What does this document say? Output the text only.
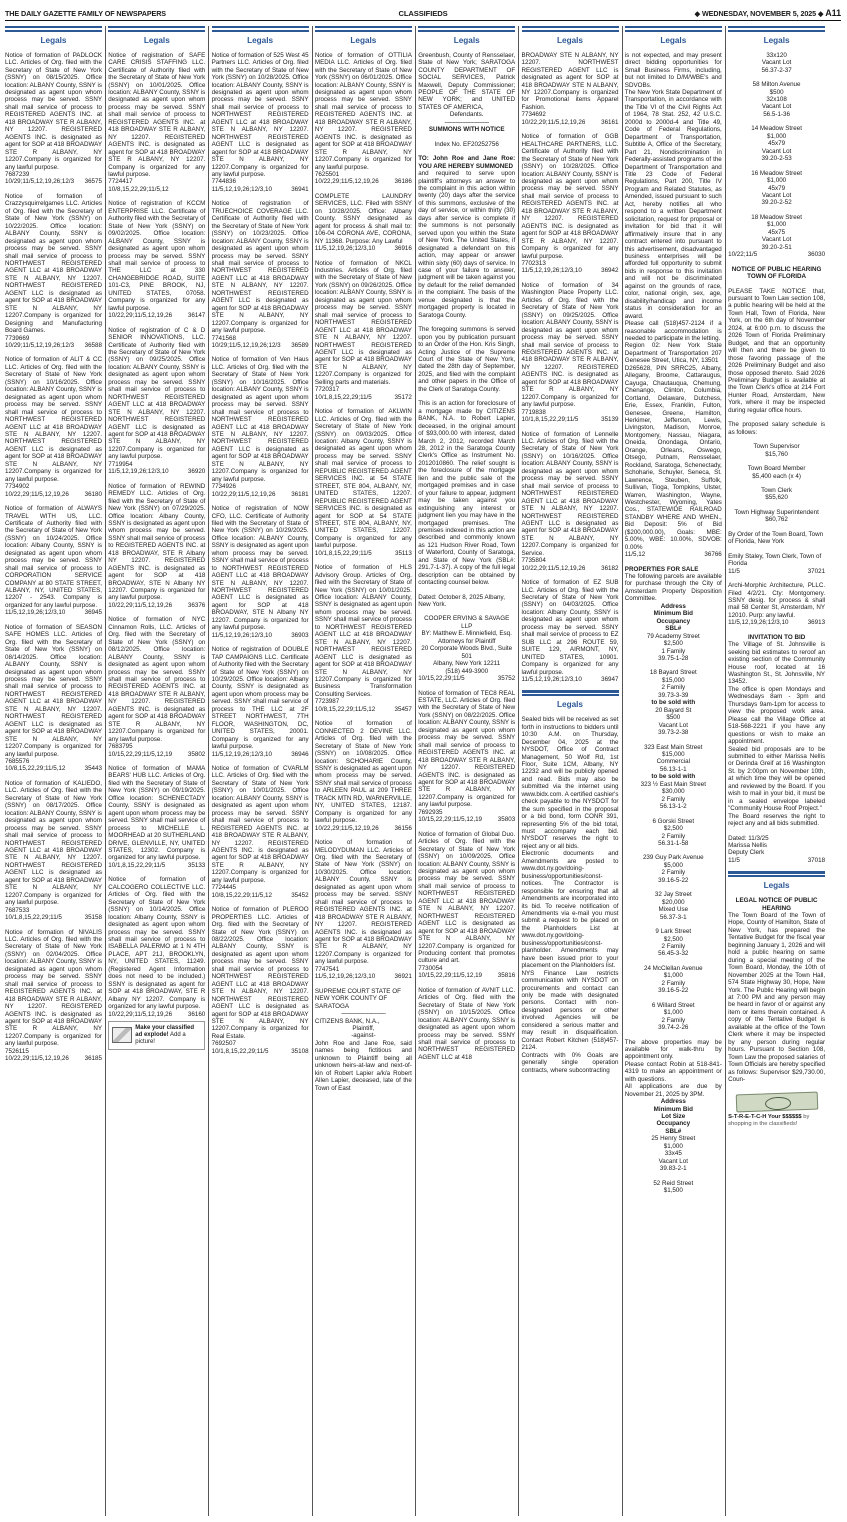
THE DAILY GAZETTE FAMILY OF NEWSPAPERS	CLASSIFIEDS	◆ WEDNESDAY, NOVEMBER 5, 2025 ◆ A11
Legals
Notice of formation of PADLOCK LLC. Articles of Org. filed with the Secretary of State of New York (SSNY) on 08/15/2025. Office location: ALBANY County, SSNY is designated as agent upon whom process may be served. SSNY shall mail service of process to REGISTERED AGENTS INC. at 418 BROADWAY STE R ALBANY, NY 12207. REGISTERED AGENTS INC. is designated as agent for SOP at 418 BROADWAY STE R ALBANY, NY 12207.Company is organized for any lawful purpose.
7687239
10/29;11/5,12,19,26;12/3 36575
Notice of formation of Crazzysquirrelgames LLC. Articles of Org. filed with the Secretary of State of New York (SSNY) on 10/22/2025. Office location: ALBANY County, SSNY is designated as agent upon whom process may be served. SSNY shall mail service of process to NORTHWEST REGISTERED AGENT LLC at 418 BROADWAY STE N ALBANY, NY 12207. NORTHWEST REGISTERED AGENT LLC is designated as agent for SOP at 418 BROADWAY STE N ALBANY, NY 12207.Company is organized for Designing and Manufacturing Board Games.
7739669
10/29;11/5,12,19,26;12/3 36588
Notice of formation of ALIT & CC LLC. Articles of Org. filed with the Secretary of State of New York (SSNY) on 10/16/2025. Office location: ALBANY County, SSNY is designated as agent upon whom process may be served. SSNY shall mail service of process to NORTHWEST REGISTERED AGENT LLC at 418 BROADWAY STE N ALBANY, NY 12207. NORTHWEST REGISTERED AGENT LLC is designated as agent for SOP at 418 BROADWAY STE N ALBANY, NY 12207.Company is organized for any lawful purpose.
7734902
10/22,29;11/5,12,19,26	36180
Notice of formation of ALWAYS TRAVEL WITH US, LLC. Certificate of Authority filed with the Secretary of State of New York (SSNY) on 10/24/2025. Office location: Albany County, SSNY is designated as agent upon whom process may be served. SSNY shall mail service of process to CORPORATION SERVICE COMPANY at 80 STATE STREET, ALBANY, NY, UNITED STATES, 12207 - 2543. Company is organized for any lawful purpose.
11/5,12,19,26;12/3,10	36945
Notice of formation of SEASON SAFE HOMES LLC. Articles of Org. filed with the Secretary of State of New York (SSNY) on 08/14/2025. Office location: ALBANY County, SSNY is designated as agent upon whom process may be served. SSNY shall mail service of process to NORTHWEST REGISTERED AGENT LLC at 418 BROADWAY STE N ALBANY, NY 12207. NORTHWEST REGISTERED AGENT LLC is designated as agent for SOP at 418 BROADWAY STE N ALBANY, NY 12207.Company is organized for any lawful purpose.
7685576
10/8,15,22,29;11/5,12	35443
Notice of formation of KALIEDO, LLC. Articles of Org. filed with the Secretary of State of New York (SSNY) on 08/17/2025. Office location: ALBANY County, SSNY is designated as agent upon whom process may be served. SSNY shall mail service of process to NORTHWEST REGISTERED AGENT LLC at 418 BROADWAY STE N ALBANY, NY 12207. NORTHWEST REGISTERED AGENT LLC is designated as agent for SOP at 418 BROADWAY STE N ALBANY, NY 12207.Company is organized for any lawful purpose.
7687533
10/1,8,15,22,29;11/5	35158
Notice of formation of NIVALIS LLC. Articles of Org. filed with the Secretary of State of New York (SSNY) on 02/04/2025. Office location: ALBANY County, SSNY is designated as agent upon whom process may be served. SSNY shall mail service of process to REGISTERED AGENTS INC. at 418 BROADWAY STE R ALBANY, NY 12207. REGISTERED AGENTS INC. is designated as agent for SOP at 418 BROADWAY STE R ALBANY, NY 12207.Company is organized for any lawful purpose.
7526115
10/22,29;11/5,12,19,26	36185
Legals
Notice of registration of SAFE CARE CRISIS STAFFING LLC. Certificate of Authority filed with the Secretary of State of New York (SSNY) on 10/01/2025. Office location: ALBANY County, SSNY is designated as agent upon whom process may be served. SSNY shall mail service of process to REGISTERED AGENTS INC. at 418 BROADWAY STE R ALBANY, NY 12207. REGISTERED AGENTS INC. is designated as agent for SOP at 418 BROADWAY STE R ALBANY, NY 12207. Company is organized for any lawful purpose.
7724417
10/8,15,22,29;11/5,12
Notice of registration of KCCM ENTERPRISE LLC. Certificate of Authority filed with the Secretary of State of New York (SSNY) on 09/02/2025. Office location: ALBANY County, SSNY is designated as agent upon whom process may be served. SSNY shall mail service of process to THE LLC at 330 CHANGEBRIDGE ROAD, SUITE 101-C3, PINE BROOK, NJ, UNITED STATES, 07058. Company is organized for any lawful purpose.
10/22,29;11/5,12,19,26	36147
Notice of registration of C & D SENIOR INNOVATIONS, LLC. Certificate of Authority filed with the Secretary of State of New York (SSNY) on 09/25/2025. Office location: ALBANY County, SSNY is designated as agent upon whom process may be served. SSNY shall mail service of process to NORTHWEST REGISTERED AGENT LLC at 418 BROADWAY STE N ALBANY, NY 12207. NORTHWEST REGISTERED AGENT LLC is designated as agent for SOP at 418 BROADWAY STE N ALBANY, NY 12207.Company is organized for any lawful purpose.
7719954
11/5,12,19,26;12/3,10	36920
Notice of formation of REWIND REMEDY LLC. Articles of Org. filed with the Secretary of State of New York (SSNY) on 07/29/2025. Office location: Albany County, SSNY is designated as agent upon whom process may be served. SSNY shall mail service of process to REGISTERED AGENTS INC. at 418 BROADWAY, STE R Albany NY 12207. REGISTERED AGENTS INC. is designated as agent for SOP at 418 BROADWAY, STE N Albany NY 12207. Company is organized for any lawful purpose.
10/22,29;11/5,12,19,26	36376
Notice of formation of NYC Cinnamon Rolls, LLC. Articles of Org. filed with the Secretary of State of New York (SSNY) on 08/12/2025. Office location: ALBANY County, SSNY is designated as agent upon whom process may be served. SSNY shall mail service of process to REGISTERED AGENTS INC. at 418 BROADWAY STE R ALBANY, NY 12207. REGISTERED AGENTS INC. is designated as agent for SOP at 418 BROADWAY STE R ALBANY, NY 12207.Company is organized for any lawful purpose.
7683795
10/15,22,29;11/5,12,19	35802
Notice of formation of MAMA BEARS' HUB LLC. Articles of Org. filed with the Secretary of State of New York (SSNY) on 09/19/2025. Office location: SCHENECTADY County, SSNY is designated as agent upon whom process may be served. SSNY shall mail service of process to MICHELLE L. MOORHEAD at 20 SUTHERLAND DRIVE, GLENVILLE, NY, UNITED STATES, 12302. Company is organized for any lawful purpose.
10/1,8,15,22,29;11/5	35133
Notice of formation of CALCOGERO COLLECTIVE LLC. Articles of Org. filed with the Secretary of State of New York (SSNY) on 10/14/2025. Office location: Albany County, SSNY is designated as agent upon whom process may be served. SSNY shall mail service of process to ISABELLA PALERMO at 1 N 4TH PLACE, APT 21J, BROOKLYN, NY, UNITED STATES, 11249. (Registered Agent Information does not need to be included.) SSNY is designated as agent for SOP at 418 BROADWAY, STE R Albany NY 12207. Company is organized for any lawful purpose.
10/22,29;11/5,12,19,26	36160
Make your classified ad explode! Add a picture!
Legals
Notice of formation of 525 West 45 Partners LLC. Articles of Org. filed with the Secretary of State of New York (SSNY) on 10/28/2025. Office location: ALBANY County, SSNY is designated as agent upon whom process may be served. SSNY shall mail service of process to NORTHWEST REGISTERED AGENT LLC at 418 BROADWAY STE N ALBANY, NY 12207. NORTHWEST REGISTERED AGENT LLC is designated as agent for SOP at 418 BROADWAY STE N ALBANY, NY 12207.Company is organized for any lawful purpose.
7744836
11/5,12,19,26;12/3,10	36941
Notice of registration of TRUECHOICE COVERAGE LLC. Certificate of Authority filed with the Secretary of State of New York (SSNY) on 10/23/2025. Office location: ALBANY County, SSNY is designated as agent upon whom process may be served. SSNY shall mail service of process to NORTHWEST REGISTERED AGENT LLC at 418 BROADWAY STE N ALBANY, NY 12207. NORTHWEST REGISTERED AGENT LLC is designated as agent for SOP at 418 BROADWAY STE N ALBANY, NY 12207.Company is organized for any lawful purpose.
7741568
10/29;11/5,12,19,26;12/3 36589
Notice of formation of Ven Haus LLC. Articles of Org. filed with the Secretary of State of New York (SSNY) on 10/16/2025. Office location: ALBANY County, SSNY is designated as agent upon whom process may be served. SSNY shall mail service of process to NORTHWEST REGISTERED AGENT LLC at 418 BROADWAY STE N ALBANY, NY 12207. NORTHWEST REGISTERED AGENT LLC is designated as agent for SOP at 418 BROADWAY STE N ALBANY, NY 12207.Company is organized for any lawful purpose.
7734926
10/22,29;11/5,12,19,26	36181
Notice of registration of NOW CFO, LLC. Certificate of Authority filed with the Secretary of State of New York (SSNY) on 10/29/2025. Office location: ALBANY County, SSNY is designated as agent upon whom process may be served. SSNY shall mail service of process to NORTHWEST REGISTERED AGENT LLC at 418 BROADWAY STE N ALBANY, NY 12207. NORTHWEST REGISTERED AGENT LLC is designated as agent for SOP at 418 BROADWAY, STE N Albany NY 12207. Company is organized for any lawful purpose.
11/5,12,19,26;12/3,10	36903
Notice of registration of DOUBLE TAP CAMPAIGNS LLC. Certificate of Authority filed with the Secretary of State of New York (SSNY) on 10/29/2025. Office location: Albany County, SSNY is designated as agent upon whom process may be served. SSNY shall mail service of process to THE LLC at 2F STREET NORTHWEST, 7TH FLOOR, WASHINGTON, DC, UNITED STATES, 20001. Company is organized for any lawful purpose.
11/5,12,19,26;12/3,10	36946
Notice of formation of CVARLM LLC. Articles of Org. filed with the Secretary of State of New York (SSNY) on 10/01/2025. Office location: ALBANY County, SSNY is designated as agent upon whom process may be served. SSNY shall mail service of process to REGISTERED AGENTS INC. at 418 BROADWAY STE R ALBANY, NY 12207. REGISTERED AGENTS INC. is designated as agent for SOP at 418 BROADWAY STE R ALBANY, NY 12207.Company is organized for any lawful purpose.
7724445
10/8,15,22,29;11/5,12	35452
Notice of formation of PLEROO PROPERTIES LLC. Articles of Org. filed with the Secretary of State of New York (SSNY) on 08/22/2025. Office location: ALBANY County, SSNY is designated as agent upon whom process may be served. SSNY shall mail service of process to NORTHWEST REGISTERED AGENT LLC at 418 BROADWAY STE N ALBANY, NY 12207. NORTHWEST REGISTERED AGENT LLC is designated as agent for SOP at 418 BROADWAY STE N ALBANY, NY 12207.Company is organized for Real Estate.
7692507
10/1,8,15,22,29;11/5	35108
Legals
Notice of formation of OTTILIA MEDIA LLC. Articles of Org. filed with the Secretary of State of New York (SSNY) on 06/01/2025. Office location: ALBANY County, SSNY is designated as agent upon whom process may be served. SSNY shall mail service of process to REGISTERED AGENTS INC. at 418 BROADWAY STE R ALBANY, NY 12207. REGISTERED AGENTS INC. is designated as agent for SOP at 418 BROADWAY STE R ALBANY, NY 12207.Company is organized for any lawful purpose.
7625501
10/22,29;11/5,12,19,26	36186
COMPLETE LAUNDRY SERVICES, LLC. Filed with SSNY on 10/28/2025. Office: Albany County. SSNY designated as agent for process & shall mail to: 106-04 CORONA AVE, CORONA, NY 11368. Purpose: Any Lawful
11/5,12,19,26;12/3,10	36916
Notice of formation of NKCL Industries. Articles of Org. filed with the Secretary of State of New York (SSNY) on 09/26/2025. Office location: ALBANY County, SSNY is designated as agent upon whom process may be served. SSNY shall mail service of process to NORTHWEST REGISTERED AGENT LLC at 418 BROADWAY STE N ALBANY, NY 12207. NORTHWEST REGISTERED AGENT LLC is designated as agent for SOP at 418 BROADWAY STE N ALBANY, NY 12207.Company is organized for Selling parts and materials.
7720317
10/1,8,15,22,29;11/5	35172
Notice of formation of AKLWIN LLC. Articles of Org. filed with the Secretary of State of New York (SSNY) on 09/03/2025. Office location: Albany County, SSNY is designated as agent upon whom process may be served. SSNY shall mail service of process to REPUBLIC REGISTERED AGENT SERVICES INC. at 54 STATE STREET, STE 804, ALBANY, NY, UNITED STATES, 12207. REPUBLIC REGISTERED AGENT SERVICES INC. is designated as agent for SOP at 54 STATE STREET, STE 804, ALBANY, NY, UNITED STATES, 12207. Company is organized for any lawful purpose.
10/1,8,15,22,29;11/5	35113
Notice of formation of HLS Advisory Group. Articles of Org. filed with the Secretary of State of New York (SSNY) on 10/01/2025. Office location: ALBANY County, SSNY is designated as agent upon whom process may be served. SSNY shall mail service of process to NORTHWEST REGISTERED AGENT LLC at 418 BROADWAY STE N ALBANY, NY 12207. NORTHWEST REGISTERED AGENT LLC is designated as agent for SOP at 418 BROADWAY STE N ALBANY, NY 12207.Company is organized for Business Transformation Consulting Services.
7723987
10/8,15,22,29;11/5,12	35457
Notice of formation of CONNECTED 2 DEVINE LLC. Articles of Org. filed with the Secretary of State of New York (SSNY) on 10/08/2025. Office location: SCHOHARIE County, SSNY is designated as agent upon whom process may be served. SSNY shall mail service of process to ARLEEN PAUL at 209 THREE TRACK MTN RD, WARNERVILLE, NY, UNITED STATES, 12187. Company is organized for any lawful purpose.
10/22,29;11/5,12,19,26	36156
Notice of formation of MELODYDUMAN LLC. Articles of Org. filed with the Secretary of State of New York (SSNY) on 10/30/2025. Office location: ALBANY County, SSNY is designated as agent upon whom process may be served. SSNY shall mail service of process to REGISTERED AGENTS INC. at 418 BROADWAY STE R ALBANY, NY 12207. REGISTERED AGENTS INC. is designated as agent for SOP at 418 BROADWAY STE R ALBANY, NY 12207.Company is organized for any lawful purpose.
7747541
11/5,12,19,26;12/3,10	36921
SUPREME COURT STATE OF NEW YORK COUNTY OF SARATOGA
----------------------------
CITIZENS BANK, N.A.,
Plaintiff,
-against-
John Roe and Jane Roe, said names being fictitious and unknown to Plaintiff being all unknown heirs-at-law and next-of-kin of Robert Lapier a/k/a Robert Allen Lapier, deceased, late of the Town of East
Legals
Greenbush, County of Rensselaer, State of New York; SARATOGA COUNTY DEPARTMENT OF SOCIAL SERVICES, Patrick Maxwell, Deputy Commissioner; PEOPLE OF THE STATE OF NEW YORK; and UNITED STATES OF AMERICA,
Defendants.
----------------------------
SUMMONS WITH NOTICE
Index No. EF20252756
TO: John Roe and Jane Roe: YOU ARE HEREBY SUMMONED
and required to serve upon plaintiff's attorneys an answer to the complaint in this action within twenty (20) days after the service of this summons, exclusive of the day of service, or within thirty (30) days after service is complete if the summons is not personally served upon you within the State of New York. The United States, if designated a defendant on this action, may appear or answer within sixty (60) days of service. In case of your failure to answer, judgment will be taken against you by default for the relief demanded in the complaint. The basis of the venue designated is that the mortgaged property is located in Saratoga County.
The foregoing summons is served upon you by publication pursuant to an Order of the Hon. Kris Singh, Acting Justice of the Supreme Court of the State of New York, dated the 28th day of September, 2025, and filed with the complaint and other papers in the Office of the Clerk of Saratoga County.
This is an action for foreclosure of a mortgage made by CITIZENS BANK, N.A. to Robert Lapier, deceased, in the original amount of $93,000.00 with interest, dated March 2, 2012, recorded March 28, 2012 in the Saratoga County Clerk's Office as Instrument No. 2012010860. The relief sought is the foreclosure of the mortgage lien and the public sale of the mortgaged premises and in case of your failure to appear, judgment may be taken against you extinguishing any interest or judgment lien you may have in the mortgaged premises. The premises indexed in this action are described and commonly known as 121 Hudson River Road, Town of Waterford, County of Saratoga, and State of New York (SBL#: 291.7-1-37). A copy of the full legal description can be obtained by contacting counsel below.
Dated: October 8, 2025 Albany, New York.
COOPER ERVING & SAVAGE LLP
BY: Matthew E. Minniefield, Esq.
Attorneys for Plaintiff
20 Corporate Woods Blvd., Suite 501
Albany, New York 12211
(518) 449-3900
10/15,22,29;11/5	35752
Notice of formation of TEC8 REAL ESTATE, LLC. Articles of Org. filed with the Secretary of State of New York (SSNY) on 08/22/2025. Office location: ALBANY County, SSNY is designated as agent upon whom process may be served. SSNY shall mail service of process to REGISTERED AGENTS INC. at 418 BROADWAY STE R ALBANY, NY 12207. REGISTERED AGENTS INC. is designated as agent for SOP at 418 BROADWAY STE R ALBANY, NY 12207.Company is organized for any lawful purpose.
7692935
10/15,22,29;11/5,12,19	35803
Notice of formation of Global Duo. Articles of Org. filed with the Secretary of State of New York (SSNY) on 10/09/2025. Office location: ALBANY County, SSNY is designated as agent upon whom process may be served. SSNY shall mail service of process to NORTHWEST REGISTERED AGENT LLC at 418 BROADWAY STE N ALBANY, NY 12207. NORTHWEST REGISTERED AGENT LLC is designated as agent for SOP at 418 BROADWAY STE N ALBANY, NY 12207.Company is organized for Producing content that promotes culture and art.
7730054
10/15,22,29;11/5,12,19	35816
Notice of formation of AVNIT LLC. Articles of Org. filed with the Secretary of State of New York (SSNY) on 10/15/2025. Office location: ALBANY County, SSNY is designated as agent upon whom process may be served. SSNY shall mail service of process to NORTHWEST REGISTERED AGENT LLC at 418
Legals
BROADWAY STE N ALBANY, NY 12207. NORTHWEST REGISTERED AGENT LLC is designated as agent for SOP at 418 BROADWAY STE N ALBANY, NY 12207.Company is organized for Promotional items Apparel Fashion.
7734692
10/22,29;11/5,12,19,26	36161
Notice of formation of GGB HEALTHCARE PARTNERS, LLC. Certificate of Authority filed with the Secretary of State of New York (SSNY) on 10/28/2025. Office location: ALBANY County, SSNY is designated as agent upon whom process may be served. SSNY shall mail service of process to REGISTERED AGENTS INC. at 418 BROADWAY STE R ALBANY, NY 12207. REGISTERED AGENTS INC. is designated as agent for SOP at 418 BROADWAY STE R ALBANY, NY 12207. Company is organized for any lawful purpose.
7702313
11/5,12,19,26;12/3,10	36942
Notice of formation of 34 Washington Place Property LLC. Articles of Org. filed with the Secretary of State of New York (SSNY) on 09/25/2025. Office location: ALBANY County, SSNY is designated as agent upon whom process may be served. SSNY shall mail service of process to REGISTERED AGENTS INC. at 418 BROADWAY STE R ALBANY, NY 12207. REGISTERED AGENTS INC. is designated as agent for SOP at 418 BROADWAY STE R ALBANY, NY 12207.Company is organized for any lawful purpose.
7719838
10/1,8,15,22,29;11/5	35139
Notice of formation of Lennelle LLC. Articles of Org. filed with the Secretary of State of New York (SSNY) on 10/16/2025. Office location: ALBANY County, SSNY is designated as agent upon whom process may be served. SSNY shall mail service of process to NORTHWEST REGISTERED AGENT LLC at 418 BROADWAY STE N ALBANY, NY 12207. NORTHWEST REGISTERED AGENT LLC is designated as agent for SOP at 418 BROADWAY STE N ALBANY, NY 12207.Company is organized for Service.
7735804
10/22,29;11/5,12,19,26	36182
Notice of formation of EZ SUB LLC. Articles of Org. filed with the Secretary of State of New York (SSNY) on 04/03/2025. Office location: Albany County, SSNY is designated as agent upon whom process may be served. SSNY shall mail service of process to EZ SUB LLC at 296 ROUTE 59, SUITE 129, AIRMONT, NY, UNITED STATES, 10901. Company is organized for any lawful purpose.
11/5,12,19,26;12/3,10	36947
Legals
Sealed bids will be received as set forth in instructions to bidders until 10:30 A.M. on Thursday, December 04, 2025 at the NYSDOT, Office of Contract Management, 50 Wolf Rd, 1st Floor, Suite 1CM, Albany, NY 12232 and will be publicly opened and read. Bids may also be submitted via the internet using www.bidx.com. A certified cashier's check payable to the NYSDOT for the sum specified in the proposal or a bid bond, form CONR 391, representing 5% of the bid total, must accompany each bid. NYSDOT reserves the right to reject any or all bids.
Electronic documents and Amendments are posted to www.dot.ny.gov/doing-business/opportunities/const-notices. The Contractor is responsible for ensuring that all Amendments are incorporated into its bid. To receive notification of Amendments via e-mail you must submit a request to be placed on the Planholders List at www.dot.ny.gov/doing-business/opportunities/const-planholder. Amendments may have been issued prior to your placement on the Planholders list.
NYS Finance Law restricts communication with NYSDOT on procurements and contact can only be made with designated persons. Contact with non-designated persons or other involved Agencies will be considered a serious matter and may result in disqualification. Contact Robert Kitchen (518)457-2124.
Contracts with 0% Goals are generally single operation contracts, where subcontracting
Legals
is not expected, and may present direct bidding opportunities for Small Business Firms, including, but not limited to D/M/WBE's and SDVOBs.
The New York State Department of Transportation, in accordance with the Title VI of the Civil Rights Act of 1964, 78 Stat. 252, 42 U.S.C. 2000d to 2000d-4 and Title 49, Code of Federal Regulations, Department of Transportation, Subtitle A, Office of the Secretary, Part 21, Nondiscrimination in Federally-assisted programs of the Department of Transportation and Title 23 Code of Federal Regulations, Part 200, Title IV Program and Related Statutes, as Amended, issued pursuant to such Act, hereby notifies all who respond to a written Department solicitation, request for proposal or invitation for bid that it will affirmatively insure that in any contract entered into pursuant to this advertisement, disadvantaged business enterprises will be afforded full opportunity to submit bids in response to this invitation and will not be discriminated against on the grounds of race, color, national origin, sex, age, disability/handicap and income status in consideration for an award.
Please call (518)457-2124 if a reasonable accommodation is needed to participate in the letting.
Region 02: New York State Department of Transportation 207 Genesee Street, Utica, NY, 13501
D265628, PIN SRRC25, Albany, Allegany, Broome, Cattaraugus, Cayuga, Chautauqua, Chemung, Chenango, Clinton, Columbia, Cortland, Delaware, Dutchess, Erie, Essex, Franklin, Fulton, Genesee, Greene, Hamilton, Herkimer, Jefferson, Lewis, Livingston, Madison, Monroe, Montgomery, Nassau, Niagara, Oneida, Onondaga, Ontario, Orange, Orleans, Oswego, Otsego, Putnam, Rensselaer, Rockland, Saratoga, Schenectady, Schoharie, Schuyler, Seneca, St. Lawrence, Steuben, Suffolk, Sullivan, Tioga, Tompkins, Ulster, Warren, Washington, Wayne, Westchester, Wyoming, Yates Cos., STATEWIDE RAILROAD STANDBY WHERE AND WHEN., Bid Deposit: 5% of Bid ($200,000.00), Goals: MBE: 5.00%, WBE: 10.00%, SDVOB: 0.00%
11/5,12	36766
PROPERTIES FOR SALE
The following parcels are available for purchase through the City of Amsterdam Property Disposition Committee.
Address
Minimum Bid
Occupancy
SBL#
79 Academy Street
$2,500
1 Family
39.75-1-28
18 Bayard Street
$15,000
2 Family
39.73-3-39
to be sold with
20 Bayard St
$500
Vacant Lot
39.73-2-38
323 East Main Street
$15,000
Commercial
56.13-1-1
to be sold with
323 ½ East Main Street
$30,000
2 Family
56.13-1-2
6 Gorski Street
$2,500
2 Family
56.31-1-58
239 Guy Park Avenue
$5,000
2 Family
39.16-5-22
32 Jay Street
$20,000
Mixed Use
56.37-3-1
9 Lark Street
$2,500
2 Family
56.45-3-32
24 McClellan Avenue
$1,000
2 Family
39.16-5-22
6 Willard Street
$1,000
2 Family
39.74-2-26
The above properties may be available for walk-thru by appointment only.
Please contact Robin at 518-841-4319 to make an appointment or with questions.
All applications are due by November 21, 2025 by 3PM.
Address
Minimum Bid
Lot Size
Occupancy
SBL#
25 Henry Street
$1,000
33x45
Vacant Lot
39.83-2-1
52 Reid Street
$1,500
Legals
33x120
Vacant Lot
56.37-2-37
58 Milton Avenue
$500
32x108
Vacant Lot
56.5-1-36
14 Meadow Street
$1,000
45x79
Vacant Lot
39.20-2-53
16 Meadow Street
$1,000
45x79
Vacant Lot
39.20-2-52
18 Meadow Street
$1,000
45x75
Vacant Lot
39.20-2-51
10/22;11/5	36030
NOTICE OF PUBLIC HEARING TOWN OF FLORIDA
PLEASE TAKE NOTICE that, pursuant to Town Law section 108, a public hearing will be held at the Town Hall, Town of Florida, New York, on the 6th day of November 2024, at 6:00 p.m. to discuss the 2026 Town of Florida Preliminary Budget, and that an opportunity will then and there be given to those favoring passage of the 2026 Preliminary Budget and also those opposed thereto. Said 2026 Preliminary Budget is available at the Town Clerk's office at 214 Fort Hunter Road, Amsterdam, New York, where it may be inspected during regular office hours.
The proposed salary schedule is as follows:
Town Supervisor
$15,760
Town Board Member
$5,400 each (x 4)
Town Clerk
$55,620
Town Highway Superintendent
$60,762
By Order of the Town Board, Town of Florida, New York
Emily Staley, Town Clerk, Town of Florida
11/5	37021
Archi-Morphic Architecture, PLLC. Filed 4/2/21. Cty: Montgomery. SSNY desig. for process & shall mail 58 Center St, Amsterdam, NY 12010. Purp: any lawful.
11/5,12,19,26;12/3,10	36913
INVITATION TO BID
The Village of St. Johnsville is seeking bid estimates to reroof an existing section of the Community House roof, located at 16 Washington St., St. Johnsville, NY 13452.
The office is open Mondays and Wednesdays 8am - 3pm and Thursdays 9am-1pm for access to view the proposed work area. Please call the Village Office at 518-568-2221 if you have any questions or wish to make an appointment.
Sealed bid proposals are to be submitted to either Marissa Nellis or Derinda Greif at 16 Washington St. by 2:00pm on November 10th, at which time they will be opened and reviewed by the Board. If you wish to mail in your bid, it must be in a sealed envelope labeled "Community House Roof Project."
The Board reserves the right to reject any and all bids submitted.
Dated: 11/3/25
Marissa Nellis
Deputy Clerk
11/5	37018
Legals
LEGAL NOTICE OF PUBLIC HEARING
The Town Board of the Town of Hope, County of Hamilton, State of New York, has prepared the Tentative Budget for the fiscal year beginning January 1, 2026 and will hold a public hearing on same during a special meeting of the Town Board, Monday, the 10th of November 2025 at the Town Hall, 574 State Highway 30, Hope, New York. The Public Hearing will begin at 7:00 PM and any person may be heard in favor of or against any item or items therein contained. A copy of the Tentative Budget is available at the office of the Town Clerk where it may be inspected by any person during regular hours. Pursuant to Section 108, Town Law the proposed salaries of Town Officials are hereby specified as follows: Supervisor $29,730.00, Coun-
S-T-R-E-T-C-H Your $$$$$$ by shopping in the classifieds!
